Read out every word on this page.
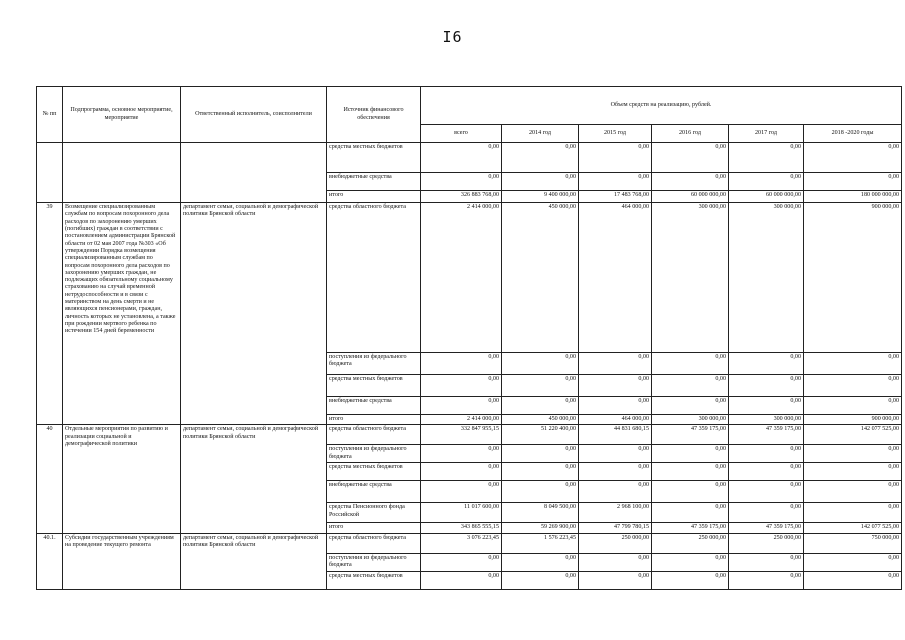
I6
№ пп	Подпрограмма, основное мероприятие, мероприятие	Ответственный исполнитель, соисполнители	Источник финансового обеспечения	Объем средств на реализацию, рублей.					
				всего	2014 год	2015 год	2016 год	2017 год	2018 -2020 годы
			средства местных бюджетов	0,00	0,00	0,00	0,00	0,00	0,00
			внебюджетные средства	0,00	0,00	0,00	0,00	0,00	0,00
			итого	326 883 768,00	9 400 000,00	17 483 768,00	60 000 000,00	60 000 000,00	180 000 000,00
39	Возмещение специализированным службам по вопросам похоронного дела расходов по захоронению умерших (погибших) граждан в соответствии с постановлением администрации Брянской области от 02 мая 2007 года №303 «Об утверждении Порядка возмещения специализированным службам по вопросам похоронного дела расходов по захоронению умерших граждан, не подлежащих обязательному социальному страхованию на случай временной нетрудоспособности и в связи с материнством на день смерти и не являющихся пенсионерами, граждан, личность которых не установлена, а также при рождении мертвого ребенка по истечении 154 дней беременности	департамент семьи, социальной и демографической политики Брянской области	средства областного бюджета	2 414 000,00	450 000,00	464 000,00	300 000,00	300 000,00	900 000,00
			поступления из федерального бюджета	0,00	0,00	0,00	0,00	0,00	0,00
			средства местных бюджетов	0,00	0,00	0,00	0,00	0,00	0,00
			внебюджетные средства	0,00	0,00	0,00	0,00	0,00	0,00
			итого	2 414 000,00	450 000,00	464 000,00	300 000,00	300 000,00	900 000,00
40	Отдельные мероприятия по развитию и реализации социальной и демографической политики	департамент семьи, социальной и демографической политики Брянской области	средства областного бюджета	332 847 955,15	51 220 400,00	44 831 680,15	47 359 175,00	47 359 175,00	142 077 525,00
			поступления из федерального бюджета	0,00	0,00	0,00	0,00	0,00	0,00
			средства местных бюджетов	0,00	0,00	0,00	0,00	0,00	0,00
			внебюджетные средства	0,00	0,00	0,00	0,00	0,00	0,00
			средства Пенсионного фонда Российской	11 017 600,00	8 049 500,00	2 968 100,00	0,00	0,00	0,00
			итого	343 865 555,15	59 269 900,00	47 799 780,15	47 359 175,00	47 359 175,00	142 077 525,00
40.1.	Субсидии государственным учреждениям на проведение текущего ремонта	департамент семьи, социальной и демографической политики Брянской области	средства областного бюджета	3 076 223,45	1 576 223,45	250 000,00	250 000,00	250 000,00	750 000,00
			поступления из федерального бюджета	0,00	0,00	0,00	0,00	0,00	0,00
			средства местных бюджетов	0,00	0,00	0,00	0,00	0,00	0,00
